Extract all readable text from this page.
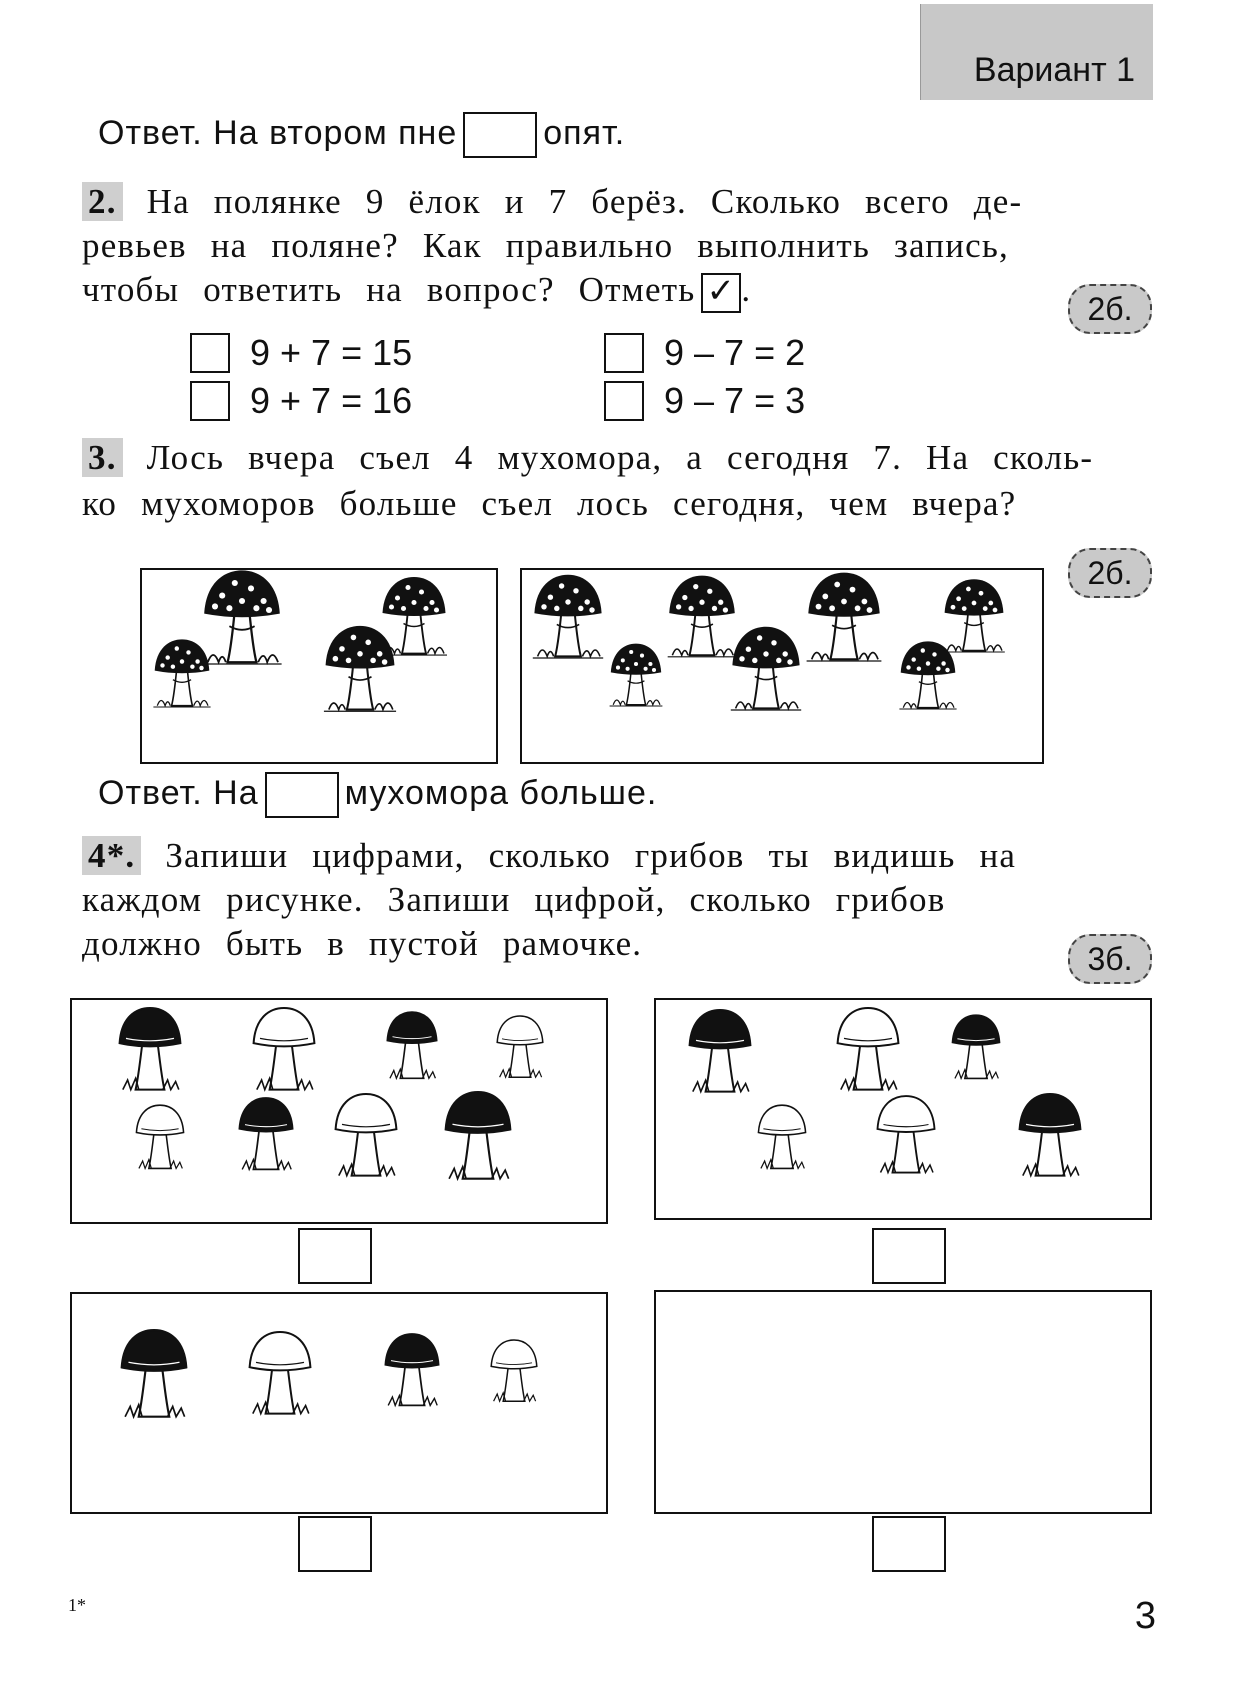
Вариант 1
Ответ. На втором пне	опят.
2. На полянке 9 ёлок и 7 берёз. Сколько всего де-
ревьев на поляне? Как правильно выполнить запись,
чтобы ответить на вопрос? Отметь ✓ .	2б.
9 + 7 = 15	9 – 7 = 2
9 + 7 = 16	9 – 7 = 3
3. Лось вчера съел 4 мухомора, а сегодня 7. На сколь-
ко мухоморов больше съел лось сегодня, чем вчера?
2б.
Ответ. На	мухомора больше.
4*. Запиши цифрами, сколько грибов ты видишь на
каждом рисунке. Запиши цифрой, сколько грибов
должно быть в пустой рамочке.	3б.
1*	3
